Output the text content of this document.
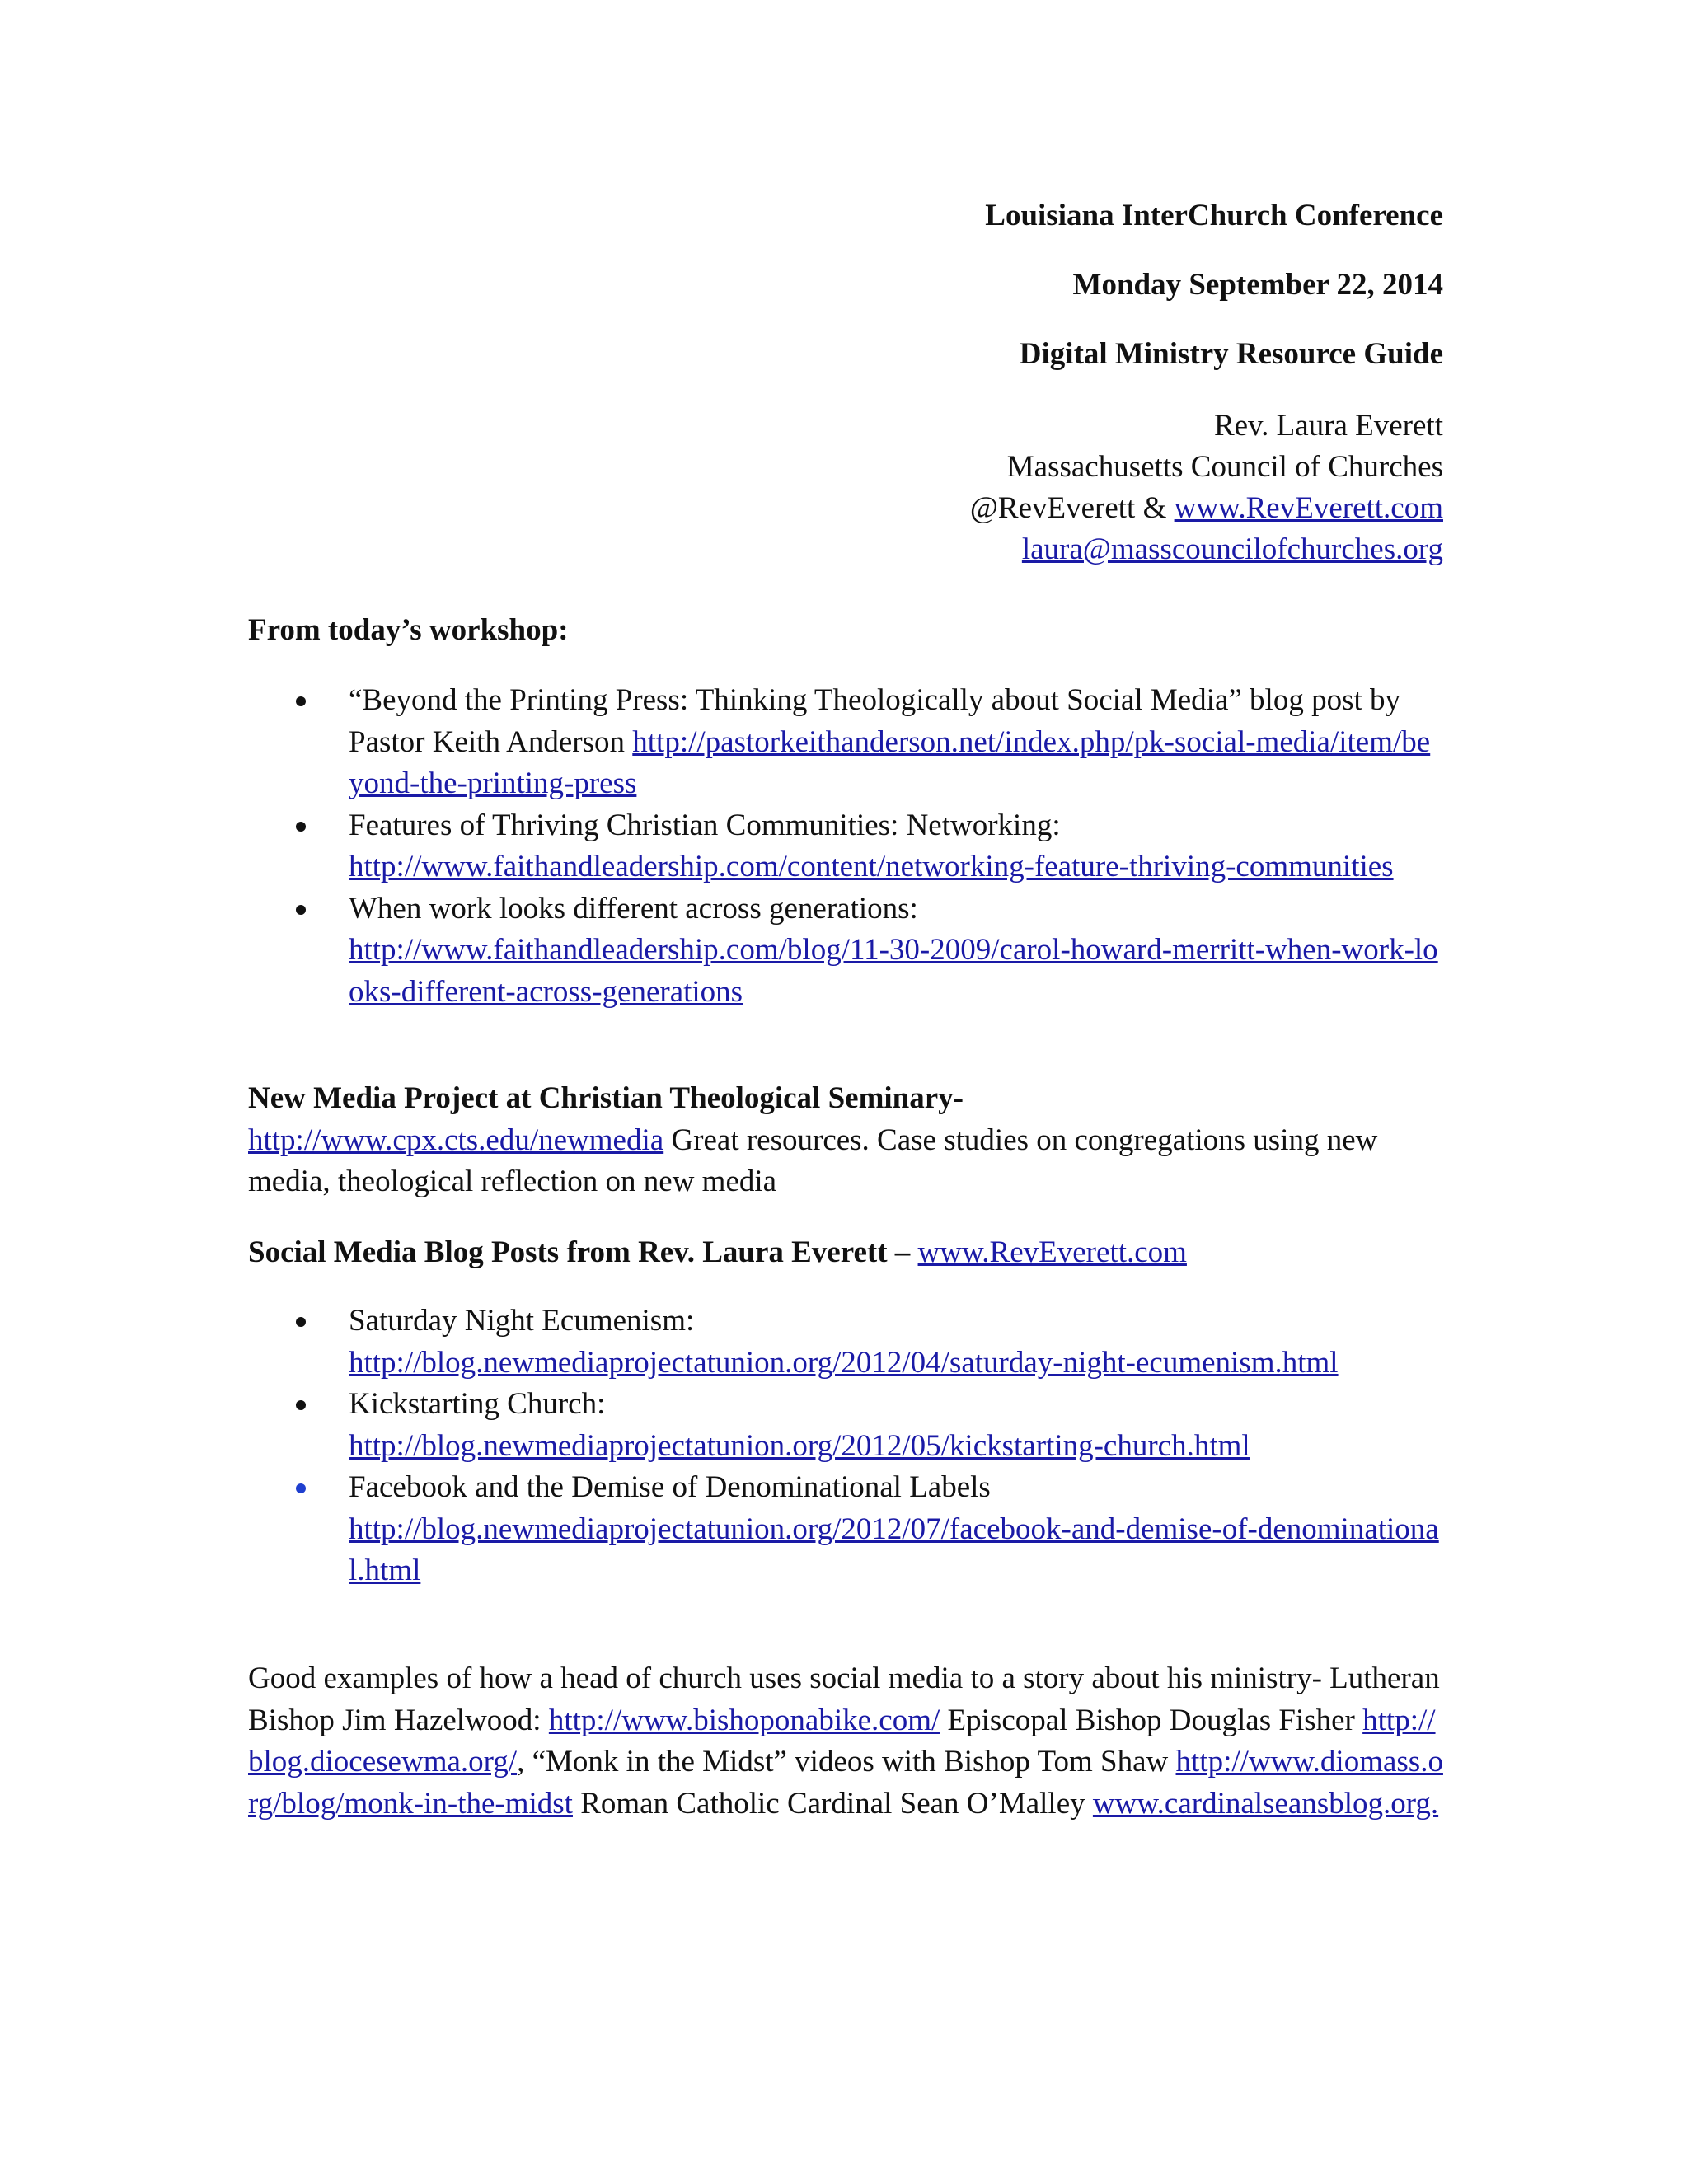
Louisiana InterChurch Conference
Monday September 22, 2014
Digital Ministry Resource Guide
Rev. Laura Everett
Massachusetts Council of Churches
@RevEverett & www.RevEverett.com
laura@masscouncilofchurches.org
From today’s workshop:
“Beyond the Printing Press: Thinking Theologically about Social Media” blog post by Pastor Keith Anderson http://pastorkeithanderson.net/index.php/pk-social-media/item/beyond-the-printing-press
Features of Thriving Christian Communities: Networking:
http://www.faithandleadership.com/content/networking-feature-thriving-communities
When work looks different across generations:
http://www.faithandleadership.com/blog/11-30-2009/carol-howard-merritt-when-work-looks-different-across-generations
New Media Project at Christian Theological Seminary-
http://www.cpx.cts.edu/newmedia Great resources. Case studies on congregations using new media, theological reflection on new media
Social Media Blog Posts from Rev. Laura Everett – www.RevEverett.com
Saturday Night Ecumenism:
http://blog.newmediaprojectatunion.org/2012/04/saturday-night-ecumenism.html
Kickstarting Church:
http://blog.newmediaprojectatunion.org/2012/05/kickstarting-church.html
Facebook and the Demise of Denominational Labels
http://blog.newmediaprojectatunion.org/2012/07/facebook-and-demise-of-denominational.html
Good examples of how a head of church uses social media to a story about his ministry- Lutheran Bishop Jim Hazelwood: http://www.bishoponabike.com/ Episcopal Bishop Douglas Fisher http://blog.diocesewma.org/, “Monk in the Midst” videos with Bishop Tom Shaw http://www.diomass.org/blog/monk-in-the-midst Roman Catholic Cardinal Sean O’Malley www.cardinalseansblog.org.
